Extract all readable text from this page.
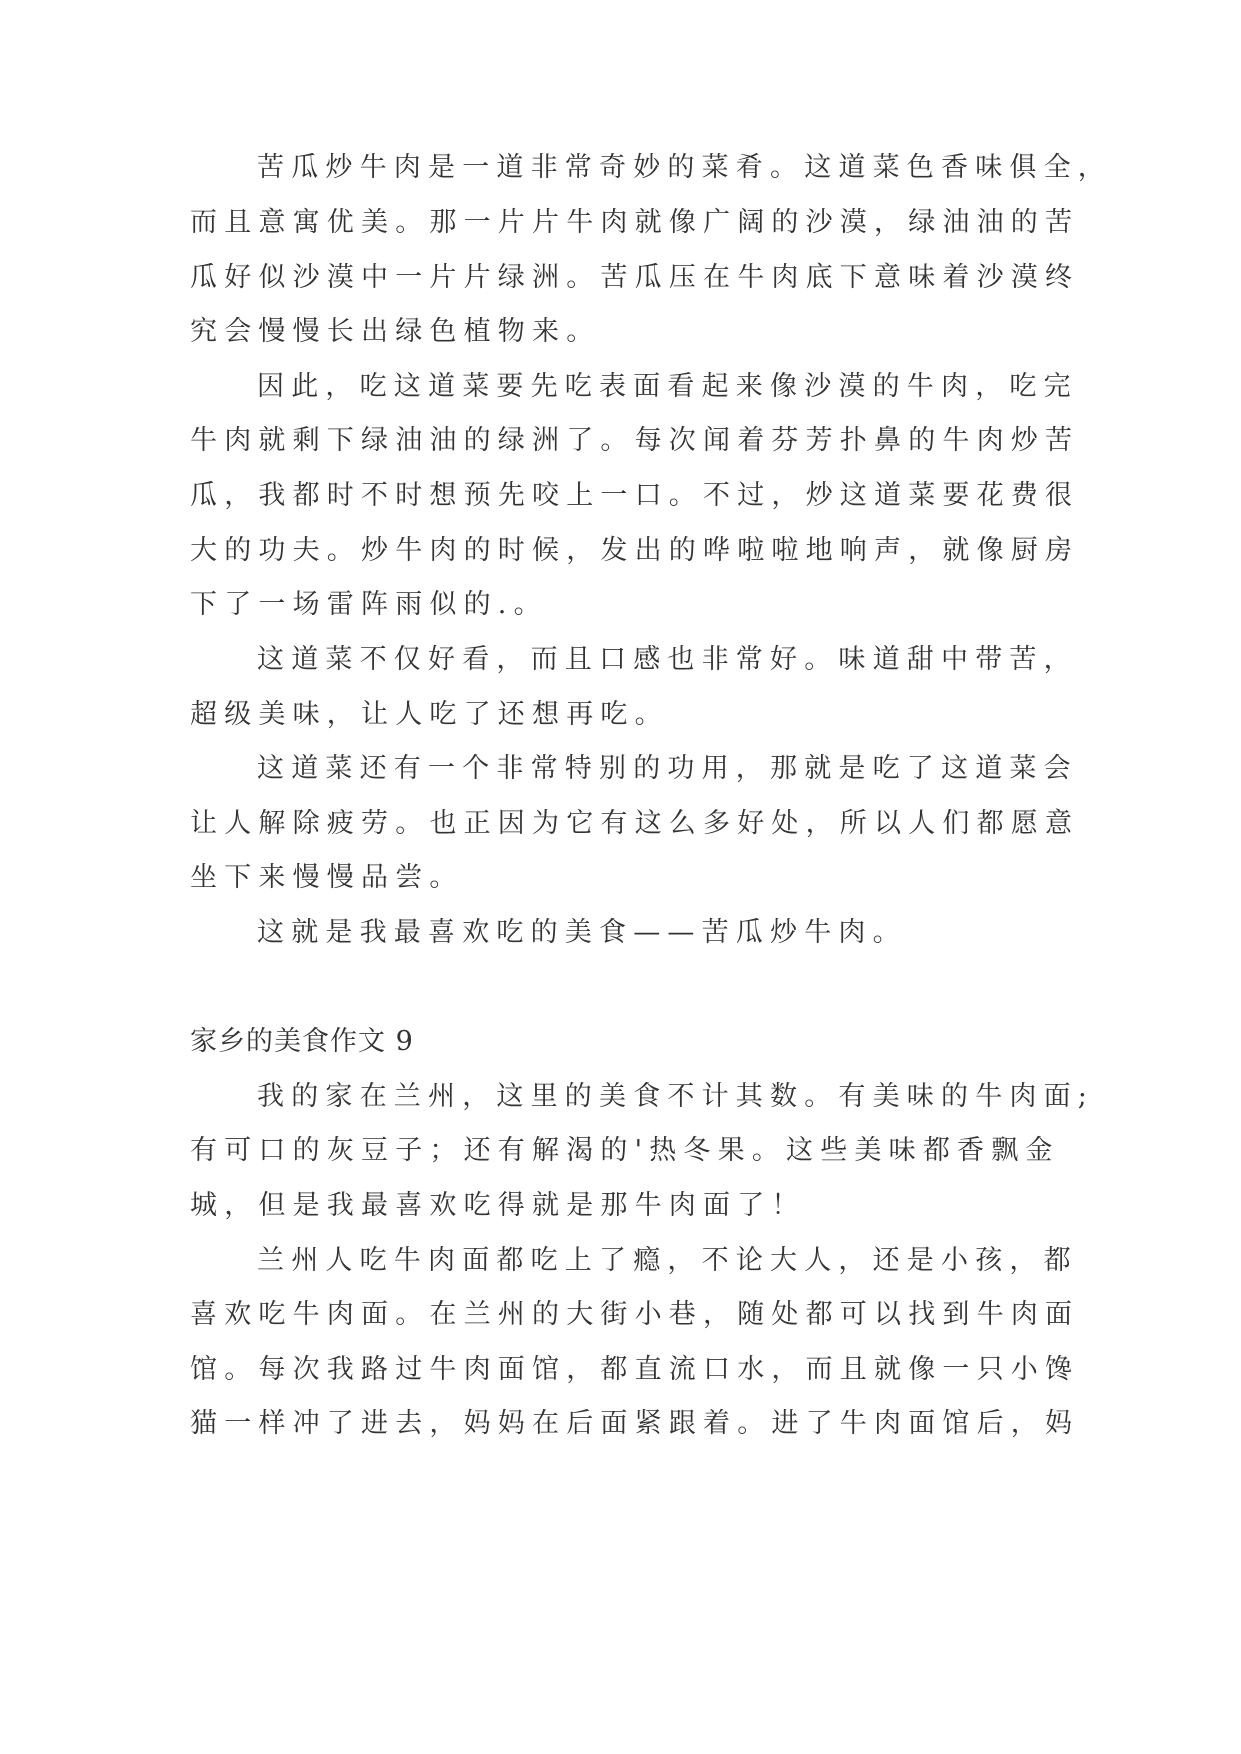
苦瓜炒牛肉是一道非常奇妙的菜肴。这道菜色香味俱全，
而且意寓优美。那一片片牛肉就像广阔的沙漠，绿油油的苦
瓜好似沙漠中一片片绿洲。苦瓜压在牛肉底下意味着沙漠终
究会慢慢长出绿色植物来。
因此，吃这道菜要先吃表面看起来像沙漠的牛肉，吃完
牛肉就剩下绿油油的绿洲了。每次闻着芬芳扑鼻的牛肉炒苦
瓜，我都时不时想预先咬上一口。不过，炒这道菜要花费很
大的功夫。炒牛肉的时候，发出的哗啦啦地响声，就像厨房
下了一场雷阵雨似的.。
这道菜不仅好看，而且口感也非常好。味道甜中带苦，
超级美味，让人吃了还想再吃。
这道菜还有一个非常特别的功用，那就是吃了这道菜会
让人解除疲劳。也正因为它有这么多好处，所以人们都愿意
坐下来慢慢品尝。
这就是我最喜欢吃的美食——苦瓜炒牛肉。
家乡的美食作文 9
我的家在兰州，这里的美食不计其数。有美味的牛肉面;
有可口的灰豆子；还有解渴的'热冬果。这些美味都香飘金
城，但是我最喜欢吃得就是那牛肉面了！
兰州人吃牛肉面都吃上了瘾，不论大人，还是小孩，都
喜欢吃牛肉面。在兰州的大街小巷，随处都可以找到牛肉面
馆。每次我路过牛肉面馆，都直流口水，而且就像一只小馋
猫一样冲了进去，妈妈在后面紧跟着。进了牛肉面馆后，妈
